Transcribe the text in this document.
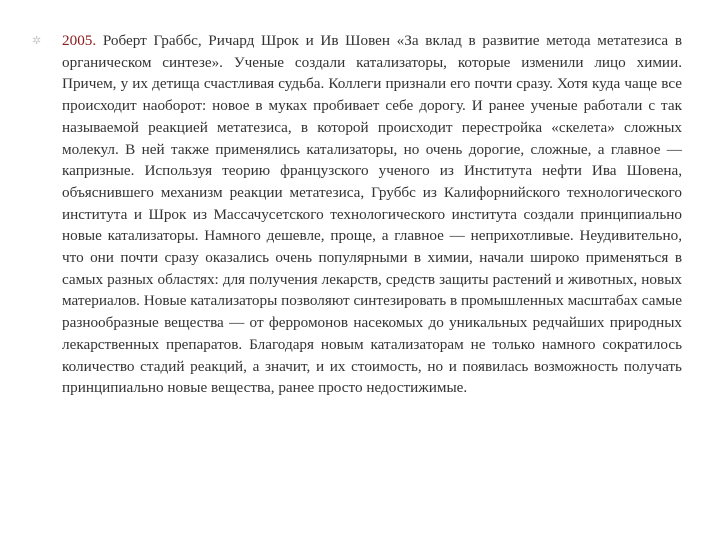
✲	2005. Роберт Граббс, Ричард Шрок и Ив Шовен «За вклад в развитие метода метатезиса в органическом синтезе». Ученые создали катализаторы, которые изменили лицо химии. Причем, у их детища счастливая судьба. Коллеги признали его почти сразу. Хотя куда чаще все происходит наоборот: новое в муках пробивает себе дорогу. И ранее ученые работали с так называемой реакцией метатезиса, в которой происходит перестройка «скелета» сложных молекул. В ней также применялись катализаторы, но очень дорогие, сложные, а главное — капризные. Используя теорию французского ученого из Института нефти Ива Шовена, объяснившего механизм реакции метатезиса, Груббс из Калифорнийского технологического института и Шрок из Массачусетского технологического института создали принципиально новые катализаторы. Намного дешевле, проще, а главное — неприхотливые. Неудивительно, что они почти сразу оказались очень популярными в химии, начали широко применяться в самых разных областях: для получения лекарств, средств защиты растений и животных, новых материалов. Новые катализаторы позволяют синтезировать в промышленных масштабах самые разнообразные вещества — от ферромонов насекомых до уникальных редчайших природных лекарственных препаратов. Благодаря новым катализаторам не только намного сократилось количество стадий реакций, а значит, и их стоимость, но и появилась возможность получать принципиально новые вещества, ранее просто недостижимые.
